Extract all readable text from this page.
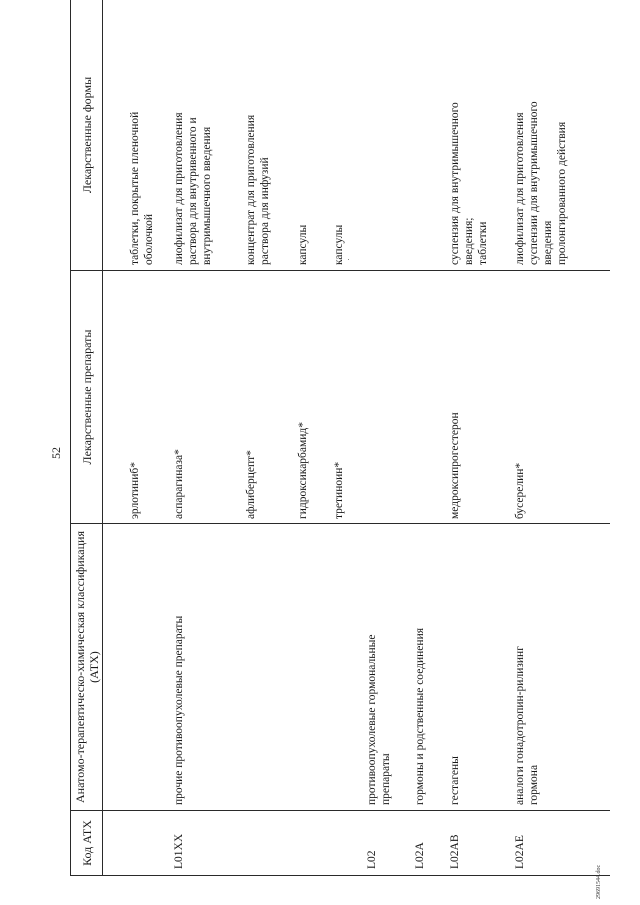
52
Код АТХ
Анатомо-терапевтическо-химическая классификация (АТХ)
Лекарственные препараты
Лекарственные формы
эрлотиниб*
таблетки, покрытые пленочной оболочкой
L01XX
прочие противоопухолевые препараты
аспарагиназа*
лиофилизат для приготовления раствора для внутривенного и внутримышечного введения
афлиберцепт*
концентрат для приготовления раствора для инфузий
гидроксикарбамид*
капсулы
третиноин*
капсулы
L02
противоопухолевые гормональные препараты
L02A
гормоны и родственные соединения
L02AB
гестагены
медроксипрогестерон
суспензия для внутримышечного введения;
таблетки
L02AE
аналоги гонадотропин-рилизинг гормона
бусерелин*
лиофилизат для приготовления суспензии для внутримышечного введения
пролонгированного действия
29691544.doc
